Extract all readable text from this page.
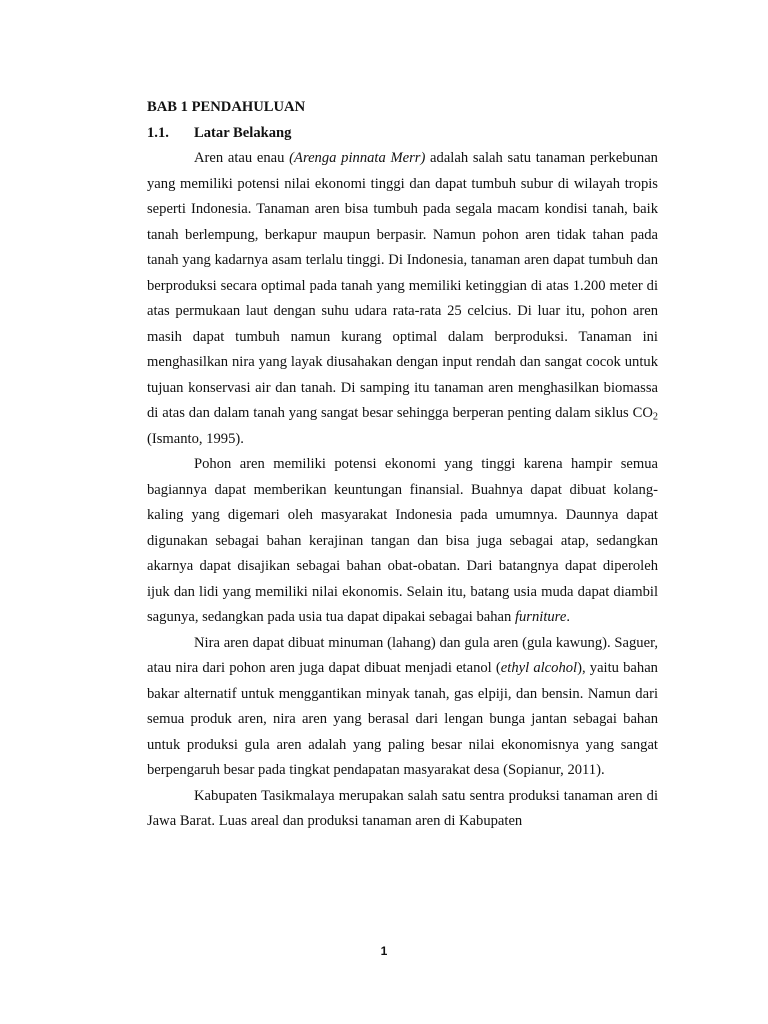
BAB 1 PENDAHULUAN

1.1.	Latar Belakang

Aren atau enau (Arenga pinnata Merr) adalah salah satu tanaman perkebunan yang memiliki potensi nilai ekonomi tinggi dan dapat tumbuh subur di wilayah tropis seperti Indonesia. Tanaman aren bisa tumbuh pada segala macam kondisi tanah, baik tanah berlempung, berkapur maupun berpasir. Namun pohon aren tidak tahan pada tanah yang kadarnya asam terlalu tinggi. Di Indonesia, tanaman aren dapat tumbuh dan berproduksi secara optimal pada tanah yang memiliki ketinggian di atas 1.200 meter di atas permukaan laut dengan suhu udara rata-rata 25 celcius. Di luar itu, pohon aren masih dapat tumbuh namun kurang optimal dalam berproduksi. Tanaman ini menghasilkan nira yang layak diusahakan dengan input rendah dan sangat cocok untuk tujuan konservasi air dan tanah. Di samping itu tanaman aren menghasilkan biomassa di atas dan dalam tanah yang sangat besar sehingga berperan penting dalam siklus $CO_2$ (Ismanto, 1995).

Pohon aren memiliki potensi ekonomi yang tinggi karena hampir semua bagiannya dapat memberikan keuntungan finansial. Buahnya dapat dibuat kolang-kaling yang digemari oleh masyarakat Indonesia pada umumnya. Daunnya dapat digunakan sebagai bahan kerajinan tangan dan bisa juga sebagai atap, sedangkan akarnya dapat disajikan sebagai bahan obat-obatan. Dari batangnya dapat diperoleh ijuk dan lidi yang memiliki nilai ekonomis. Selain itu, batang usia muda dapat diambil sagunya, sedangkan pada usia tua dapat dipakai sebagai bahan furniture.

Nira aren dapat dibuat minuman (lahang) dan gula aren (gula kawung). Saguer, atau nira dari pohon aren juga dapat dibuat menjadi etanol (ethyl alcohol), yaitu bahan bakar alternatif untuk menggantikan minyak tanah, gas elpiji, dan bensin. Namun dari semua produk aren, nira aren yang berasal dari lengan bunga jantan sebagai bahan untuk produksi gula aren adalah yang paling besar nilai ekonomisnya yang sangat berpengaruh besar pada tingkat pendapatan masyarakat desa (Sopianur, 2011).

Kabupaten Tasikmalaya merupakan salah satu sentra produksi tanaman aren di Jawa Barat. Luas areal dan produksi tanaman aren di Kabupaten

1
